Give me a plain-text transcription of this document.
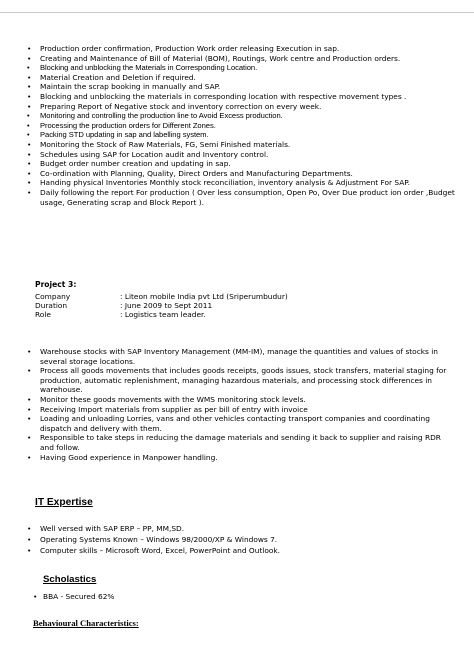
• Production order confirmation, Production Work order releasing Execution in sap.
• Creating and Maintenance of Bill of Material (BOM), Routings, Work centre and Production orders.
• Blocking and unblocking the Materials in Corresponding Location.
• Material Creation and Deletion if required.
• Maintain the scrap booking in manually and SAP.
• Blocking and unblocking the materials in corresponding location with respective movement types .
• Preparing Report of Negative stock and inventory correction on every week.
• Monitoring and controlling the production line to Avoid Excess production.
• Processing the production orders for Different Zones.
• Packing STD updating in sap and labelling system.
• Monitoring the Stock of Raw Materials, FG, Semi Finished materials.
• Schedules using SAP for Location audit and Inventory control.
• Budget order number creation and updating in sap.
• Co-ordination with Planning, Quality, Direct Orders and Manufacturing Departments.
• Handing physical Inventories Monthly stock reconciliation, inventory analysis & Adjustment For SAP.
• Daily following the report For production ( Over less consumption, Open Po, Over Due product ion order ,Budget usage, Generating scrap and Block Report ).
Project 3:
Company	: Liteon mobile India pvt Ltd (Sriperumbudur)
Duration	: June 2009 to Sept 2011
Role	: Logistics team leader.
• Warehouse stocks with SAP Inventory Management (MM-IM), manage the quantities and values of stocks in several storage locations.
• Process all goods movements that includes goods receipts, goods issues, stock transfers, material staging for production, automatic replenishment, managing hazardous materials, and processing stock differences in warehouse.
• Monitor these goods movements with the WMS monitoring stock levels.
• Receiving Import materials from supplier as per bill of entry with invoice
• Loading and unloading Lorries, vans and other vehicles contacting transport companies and coordinating dispatch and delivery with them.
• Responsible to take steps in reducing the damage materials and sending it back to supplier and raising RDR and follow.
• Having Good experience in Manpower handling.
IT Expertise
• Well versed with SAP ERP – PP, MM,SD.
• Operating Systems Known – Windows 98/2000/XP & Windows 7.
• Computer skills – Microsoft Word, Excel, PowerPoint and Outlook.
Scholastics
• BBA - Secured 62%
Behavioural Characteristics:
